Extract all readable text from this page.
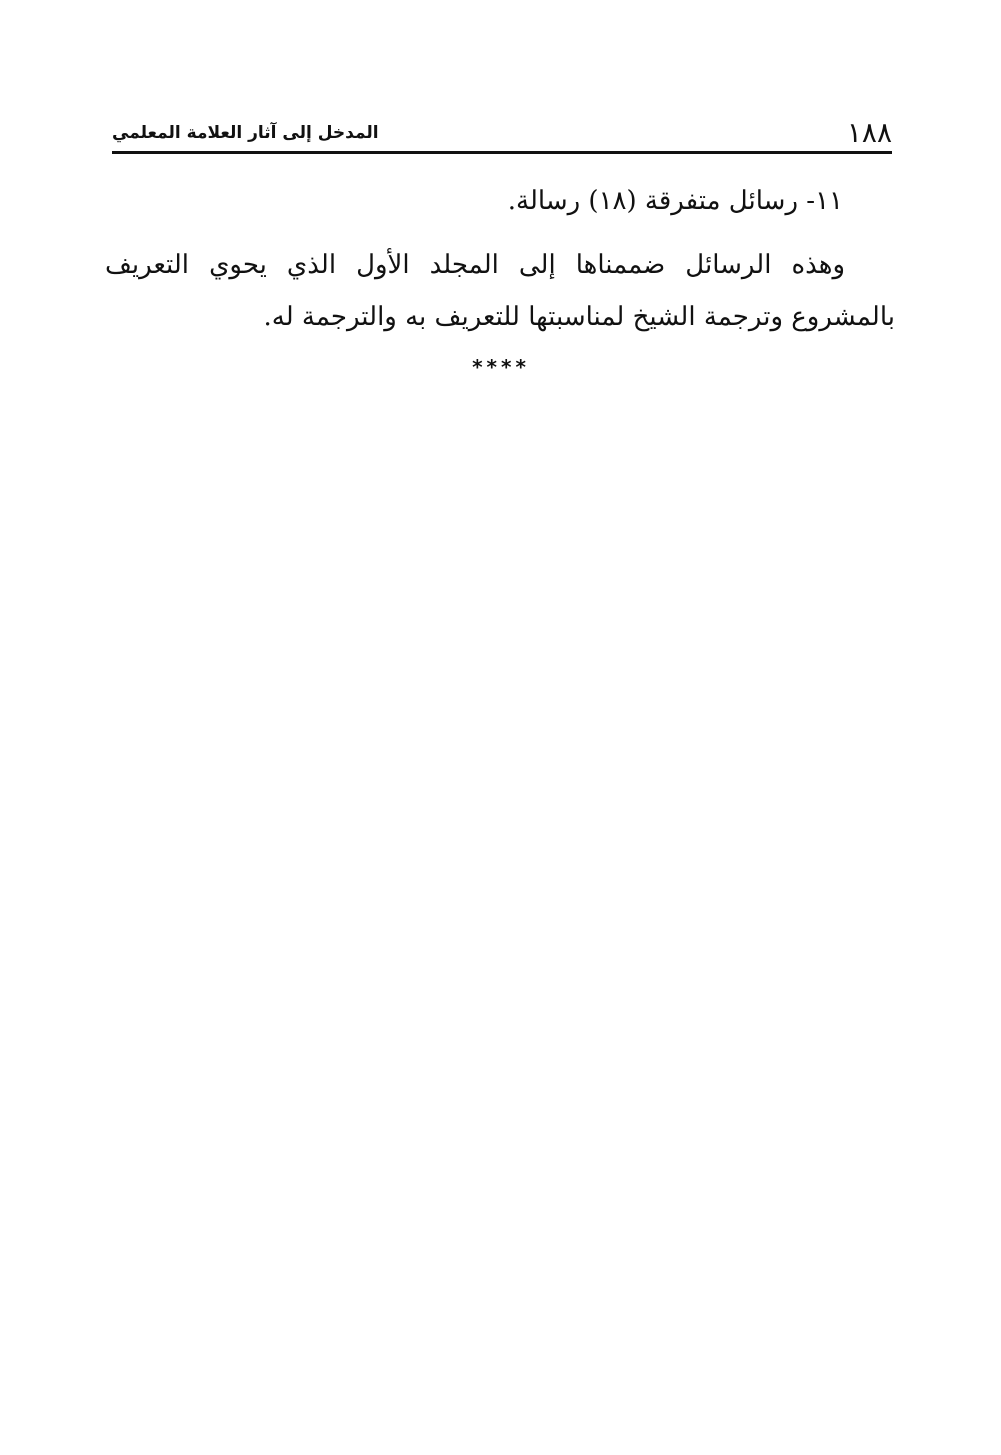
١٨٨
المدخل إلى آثار العلامة المعلمي

١١- رسائل متفرقة (١٨) رسالة.

وهذه الرسائل ضممناها إلى المجلد الأول الذي يحوي التعريف بالمشروع وترجمة الشيخ لمناسبتها للتعريف به والترجمة له.

****
